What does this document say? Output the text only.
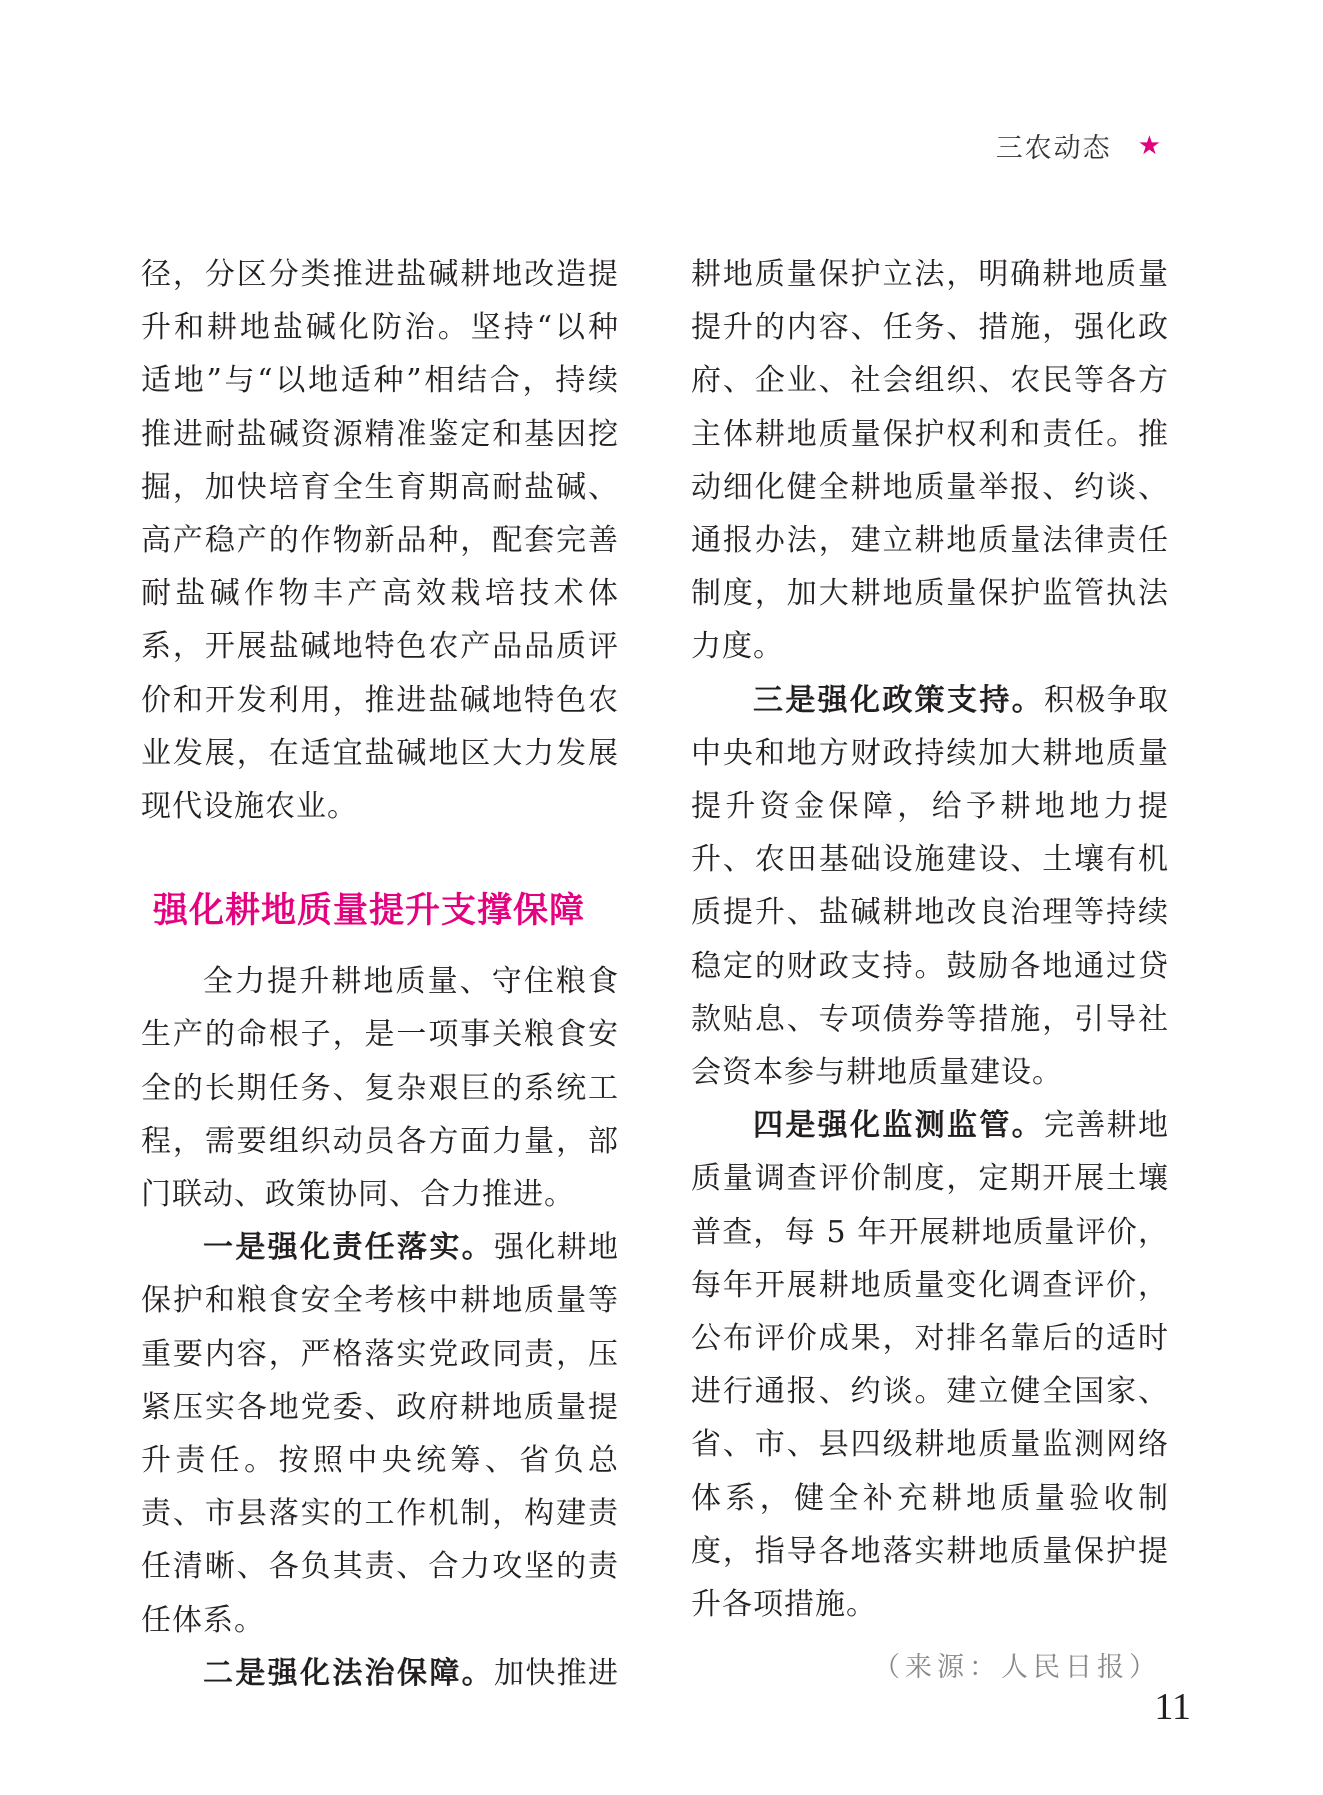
三农动态 ★

径，分区分类推进盐碱耕地改造提升和耕地盐碱化防治。坚持“以种适地”与“以地适种”相结合，持续推进耐盐碱资源精准鉴定和基因挖掘，加快培育全生育期高耐盐碱、高产稳产的作物新品种，配套完善耐盐碱作物丰产高效栽培技术体系，开展盐碱地特色农产品品质评价和开发利用，推进盐碱地特色农业发展，在适宜盐碱地区大力发展现代设施农业。

强化耕地质量提升支撑保障

全力提升耕地质量、守住粮食生产的命根子，是一项事关粮食安全的长期任务、复杂艰巨的系统工程，需要组织动员各方面力量，部门联动、政策协同、合力推进。

一是强化责任落实。强化耕地保护和粮食安全考核中耕地质量等重要内容，严格落实党政同责，压紧压实各地党委、政府耕地质量提升责任。按照中央统筹、省负总责、市县落实的工作机制，构建责任清晰、各负其责、合力攻坚的责任体系。

二是强化法治保障。加快推进

耕地质量保护立法，明确耕地质量提升的内容、任务、措施，强化政府、企业、社会组织、农民等各方主体耕地质量保护权利和责任。推动细化健全耕地质量举报、约谈、通报办法，建立耕地质量法律责任制度，加大耕地质量保护监管执法力度。

三是强化政策支持。积极争取中央和地方财政持续加大耕地质量提升资金保障，给予耕地地力提升、农田基础设施建设、土壤有机质提升、盐碱耕地改良治理等持续稳定的财政支持。鼓励各地通过贷款贴息、专项债券等措施，引导社会资本参与耕地质量建设。

四是强化监测监管。完善耕地质量调查评价制度，定期开展土壤普查，每 5 年开展耕地质量评价，每年开展耕地质量变化调查评价，公布评价成果，对排名靠后的适时进行通报、约谈。建立健全国家、省、市、县四级耕地质量监测网络体系，健全补充耕地质量验收制度，指导各地落实耕地质量保护提升各项措施。

（来源：人民日报）
11
